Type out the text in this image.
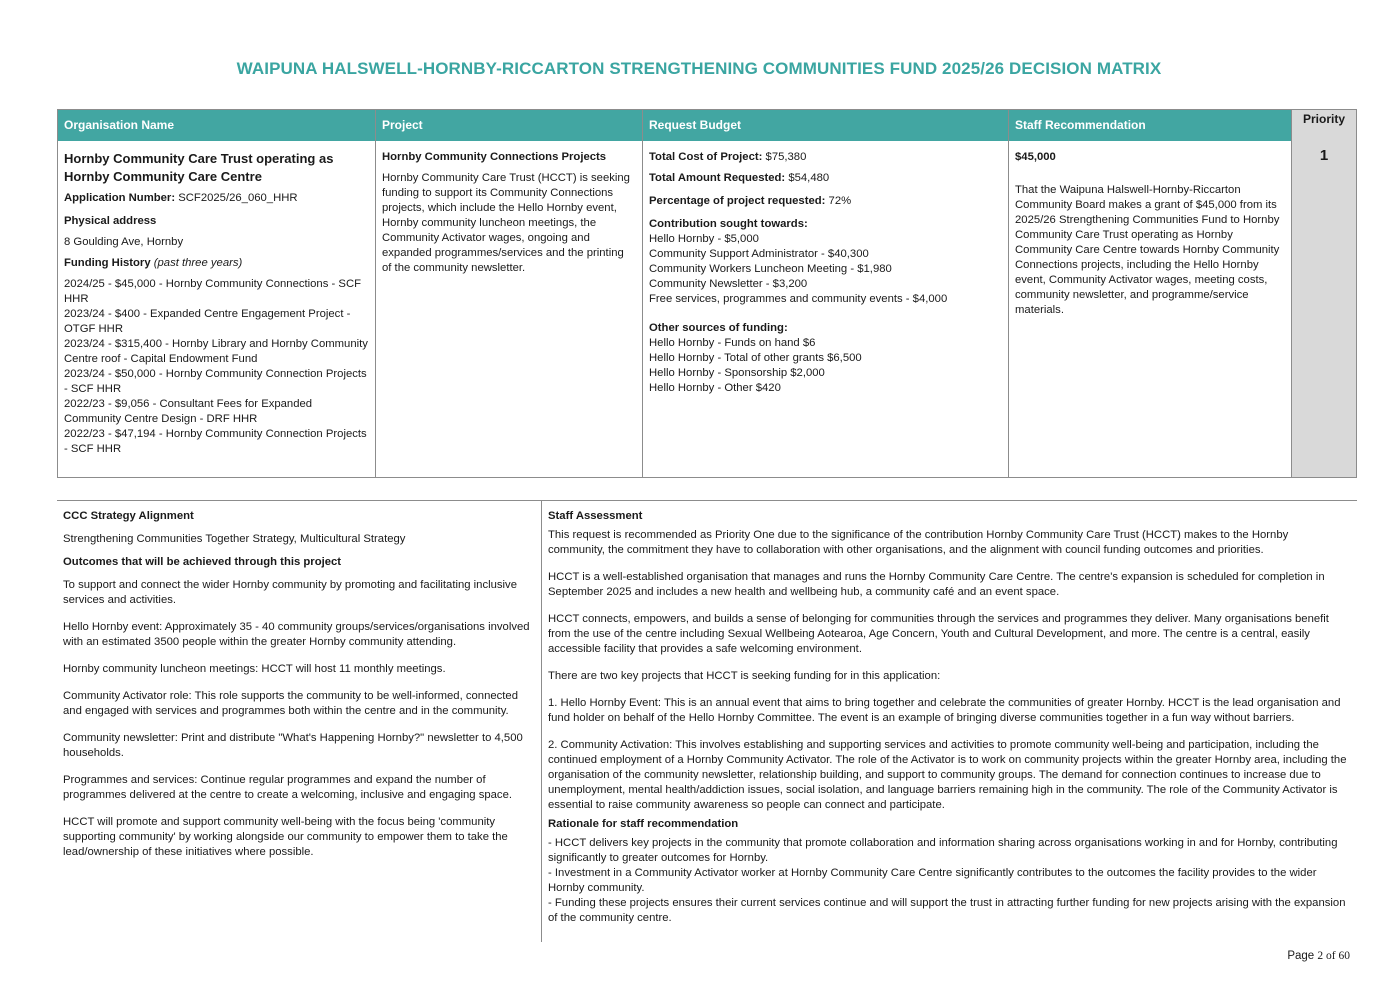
WAIPUNA HALSWELL-HORNBY-RICCARTON STRENGTHENING COMMUNITIES FUND 2025/26 DECISION MATRIX
Organisation Name
Hornby Community Care Trust operating as Hornby Community Care Centre
Application Number: SCF2025/26_060_HHR
Physical address
8 Goulding Ave, Hornby
Funding History (past three years)
2024/25 - $45,000 - Hornby Community Connections - SCF HHR
2023/24 - $400 - Expanded Centre Engagement Project - OTGF HHR
2023/24 - $315,400 - Hornby Library and Hornby Community Centre roof - Capital Endowment Fund
2023/24 - $50,000 - Hornby Community Connection Projects - SCF HHR
2022/23 - $9,056 - Consultant Fees for Expanded Community Centre Design - DRF HHR
2022/23 - $47,194 - Hornby Community Connection Projects - SCF HHR
Project
Hornby Community Connections Projects
Hornby Community Care Trust (HCCT) is seeking funding to support its Community Connections projects, which include the Hello Hornby event, Hornby community luncheon meetings, the Community Activator wages, ongoing and expanded programmes/services and the printing of the community newsletter.
Request Budget
Total Cost of Project: $75,380
Total Amount Requested: $54,480
Percentage of project requested: 72%
Contribution sought towards:
Hello Hornby - $5,000
Community Support Administrator - $40,300
Community Workers Luncheon Meeting - $1,980
Community Newsletter - $3,200
Free services, programmes and community events - $4,000
Other sources of funding:
Hello Hornby - Funds on hand $6
Hello Hornby - Total of other grants $6,500
Hello Hornby - Sponsorship $2,000
Hello Hornby - Other $420
Staff Recommendation
$45,000
That the Waipuna Halswell-Hornby-Riccarton Community Board makes a grant of $45,000 from its 2025/26 Strengthening Communities Fund to Hornby Community Care Trust operating as Hornby Community Care Centre towards Hornby Community Connections projects, including the Hello Hornby event, Community Activator wages, meeting costs, community newsletter, and programme/service materials.
Priority
1
CCC Strategy Alignment
Strengthening Communities Together Strategy, Multicultural Strategy
Outcomes that will be achieved through this project
To support and connect the wider Hornby community by promoting and facilitating inclusive services and activities.
Hello Hornby event: Approximately 35 - 40 community groups/services/organisations involved with an estimated 3500 people within the greater Hornby community attending.
Hornby community luncheon meetings: HCCT will host 11 monthly meetings.
Community Activator role: This role supports the community to be well-informed, connected and engaged with services and programmes both within the centre and in the community.
Community newsletter: Print and distribute "What's Happening Hornby?" newsletter to 4,500 households.
Programmes and services: Continue regular programmes and expand the number of programmes delivered at the centre to create a welcoming, inclusive and engaging space.
HCCT will promote and support community well-being with the focus being 'community supporting community' by working alongside our community to empower them to take the lead/ownership of these initiatives where possible.
Staff Assessment
This request is recommended as Priority One due to the significance of the contribution Hornby Community Care Trust (HCCT) makes to the Hornby community, the commitment they have to collaboration with other organisations, and the alignment with council funding outcomes and priorities.
HCCT is a well-established organisation that manages and runs the Hornby Community Care Centre. The centre's expansion is scheduled for completion in September 2025 and includes a new health and wellbeing hub, a community café and an event space.
HCCT connects, empowers, and builds a sense of belonging for communities through the services and programmes they deliver. Many organisations benefit from the use of the centre including Sexual Wellbeing Aotearoa, Age Concern, Youth and Cultural Development, and more. The centre is a central, easily accessible facility that provides a safe welcoming environment.
There are two key projects that HCCT is seeking funding for in this application:
1. Hello Hornby Event: This is an annual event that aims to bring together and celebrate the communities of greater Hornby. HCCT is the lead organisation and fund holder on behalf of the Hello Hornby Committee. The event is an example of bringing diverse communities together in a fun way without barriers.
2. Community Activation: This involves establishing and supporting services and activities to promote community well-being and participation, including the continued employment of a Hornby Community Activator. The role of the Activator is to work on community projects within the greater Hornby area, including the organisation of the community newsletter, relationship building, and support to community groups. The demand for connection continues to increase due to unemployment, mental health/addiction issues, social isolation, and language barriers remaining high in the community. The role of the Community Activator is essential to raise community awareness so people can connect and participate.
Rationale for staff recommendation
- HCCT delivers key projects in the community that promote collaboration and information sharing across organisations working in and for Hornby, contributing significantly to greater outcomes for Hornby.
- Investment in a Community Activator worker at Hornby Community Care Centre significantly contributes to the outcomes the facility provides to the wider Hornby community.
- Funding these projects ensures their current services continue and will support the trust in attracting further funding for new projects arising with the expansion of the community centre.
Page 2 of 60
